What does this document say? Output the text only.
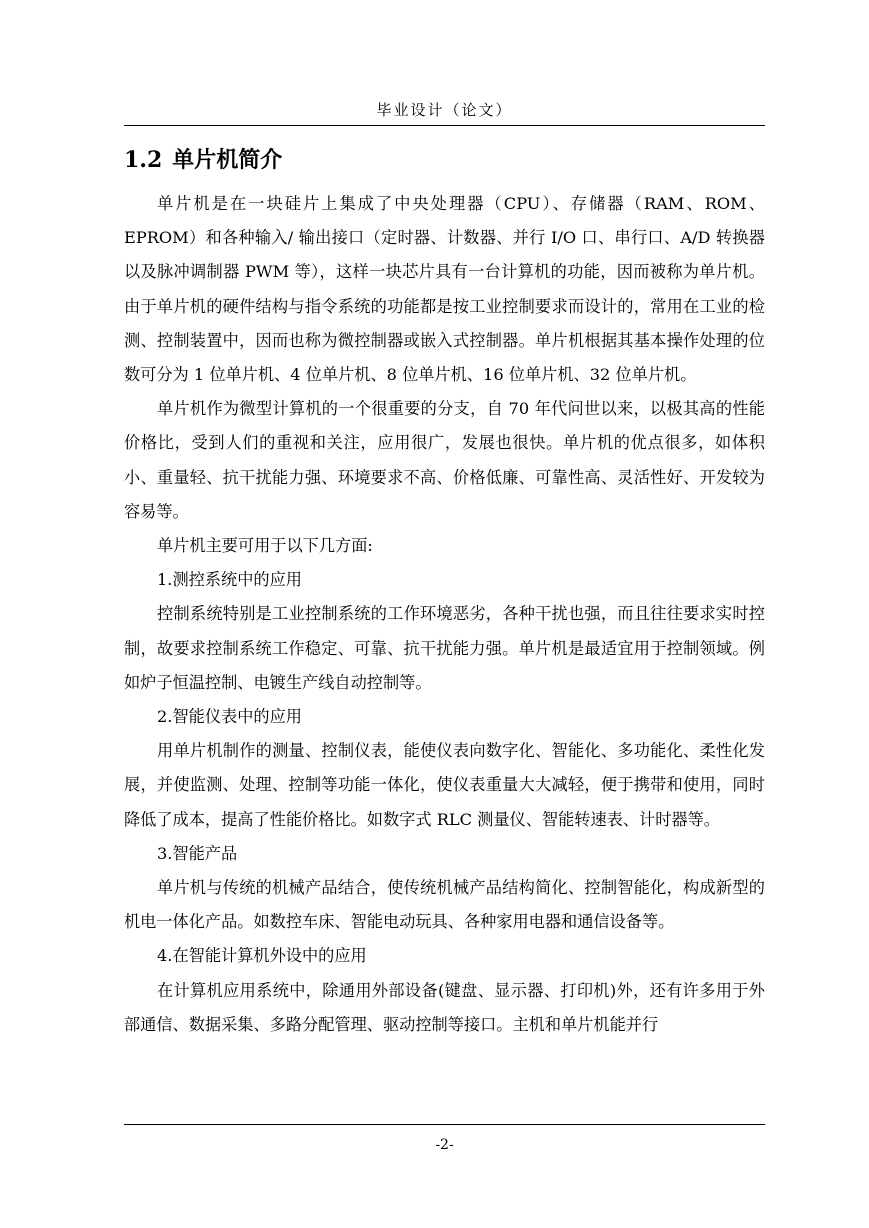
毕业设计（论文）
1.2 单片机简介

单片机是在一块硅片上集成了中央处理器（CPU）、存储器（RAM、ROM、EPROM）和各种输入/ 输出接口（定时器、计数器、并行 I/O 口、串行口、A/D 转换器以及脉冲调制器 PWM 等），这样一块芯片具有一台计算机的功能，因而被称为单片机。由于单片机的硬件结构与指令系统的功能都是按工业控制要求而设计的，常用在工业的检测、控制装置中，因而也称为微控制器或嵌入式控制器。单片机根据其基本操作处理的位数可分为 1 位单片机、4 位单片机、8 位单片机、16 位单片机、32 位单片机。

单片机作为微型计算机的一个很重要的分支，自 70 年代问世以来，以极其高的性能价格比，受到人们的重视和关注，应用很广，发展也很快。单片机的优点很多，如体积小、重量轻、抗干扰能力强、环境要求不高、价格低廉、可靠性高、灵活性好、开发较为容易等。

单片机主要可用于以下几方面:

1.测控系统中的应用

控制系统特别是工业控制系统的工作环境恶劣，各种干扰也强，而且往往要求实时控制，故要求控制系统工作稳定、可靠、抗干扰能力强。单片机是最适宜用于控制领域。例如炉子恒温控制、电镀生产线自动控制等。

2.智能仪表中的应用

用单片机制作的测量、控制仪表，能使仪表向数字化、智能化、多功能化、柔性化发展，并使监测、处理、控制等功能一体化，使仪表重量大大减轻，便于携带和使用，同时降低了成本，提高了性能价格比。如数字式 RLC 测量仪、智能转速表、计时器等。

3.智能产品

单片机与传统的机械产品结合，使传统机械产品结构简化、控制智能化，构成新型的机电一体化产品。如数控车床、智能电动玩具、各种家用电器和通信设备等。

4.在智能计算机外设中的应用

在计算机应用系统中，除通用外部设备(键盘、显示器、打印机)外，还有许多用于外部通信、数据采集、多路分配管理、驱动控制等接口。主机和单片机能并行

-2-
